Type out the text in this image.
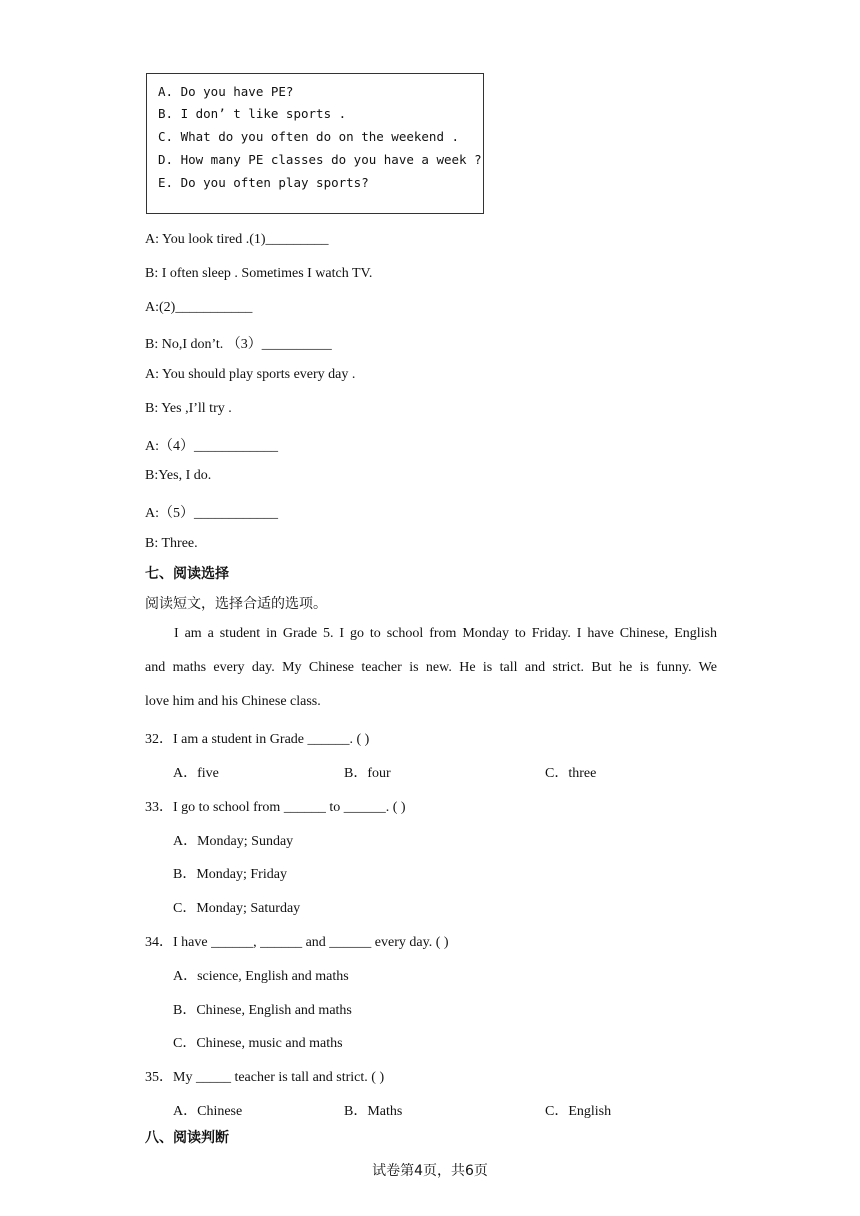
A. Do you have PE?
B. I don’ t like sports .
C. What do you often do on the weekend .
D. How many PE classes do you have a week ?
E. Do you often play sports?
A: You look tired .(1)_________
B: I often sleep . Sometimes I watch TV.
A:(2)___________
B: No,I don’t. （3）__________
A: You should play sports every day .
B: Yes ,I’ll try .
A:（4）____________
B:Yes, I do.
A:（5）____________
B: Three.
七、阅读选择
阅读短文，选择合适的选项。
I am a student in Grade 5. I go to school from Monday to Friday. I have Chinese, English
and maths every day. My Chinese teacher is new. He is tall and strict. But he is funny. We
love him and his Chinese class.
32．I am a student in Grade ______. ( )
A．five	B．four	C．three
33．I go to school from ______ to ______. ( )
A．Monday; Sunday
B．Monday; Friday
C．Monday; Saturday
34．I have ______, ______ and ______ every day. ( )
A．science, English and maths
B．Chinese, English and maths
C．Chinese, music and maths
35．My _____ teacher is tall and strict. ( )
A．Chinese	B．Maths	C．English
八、阅读判断
试卷第4页，共6页
